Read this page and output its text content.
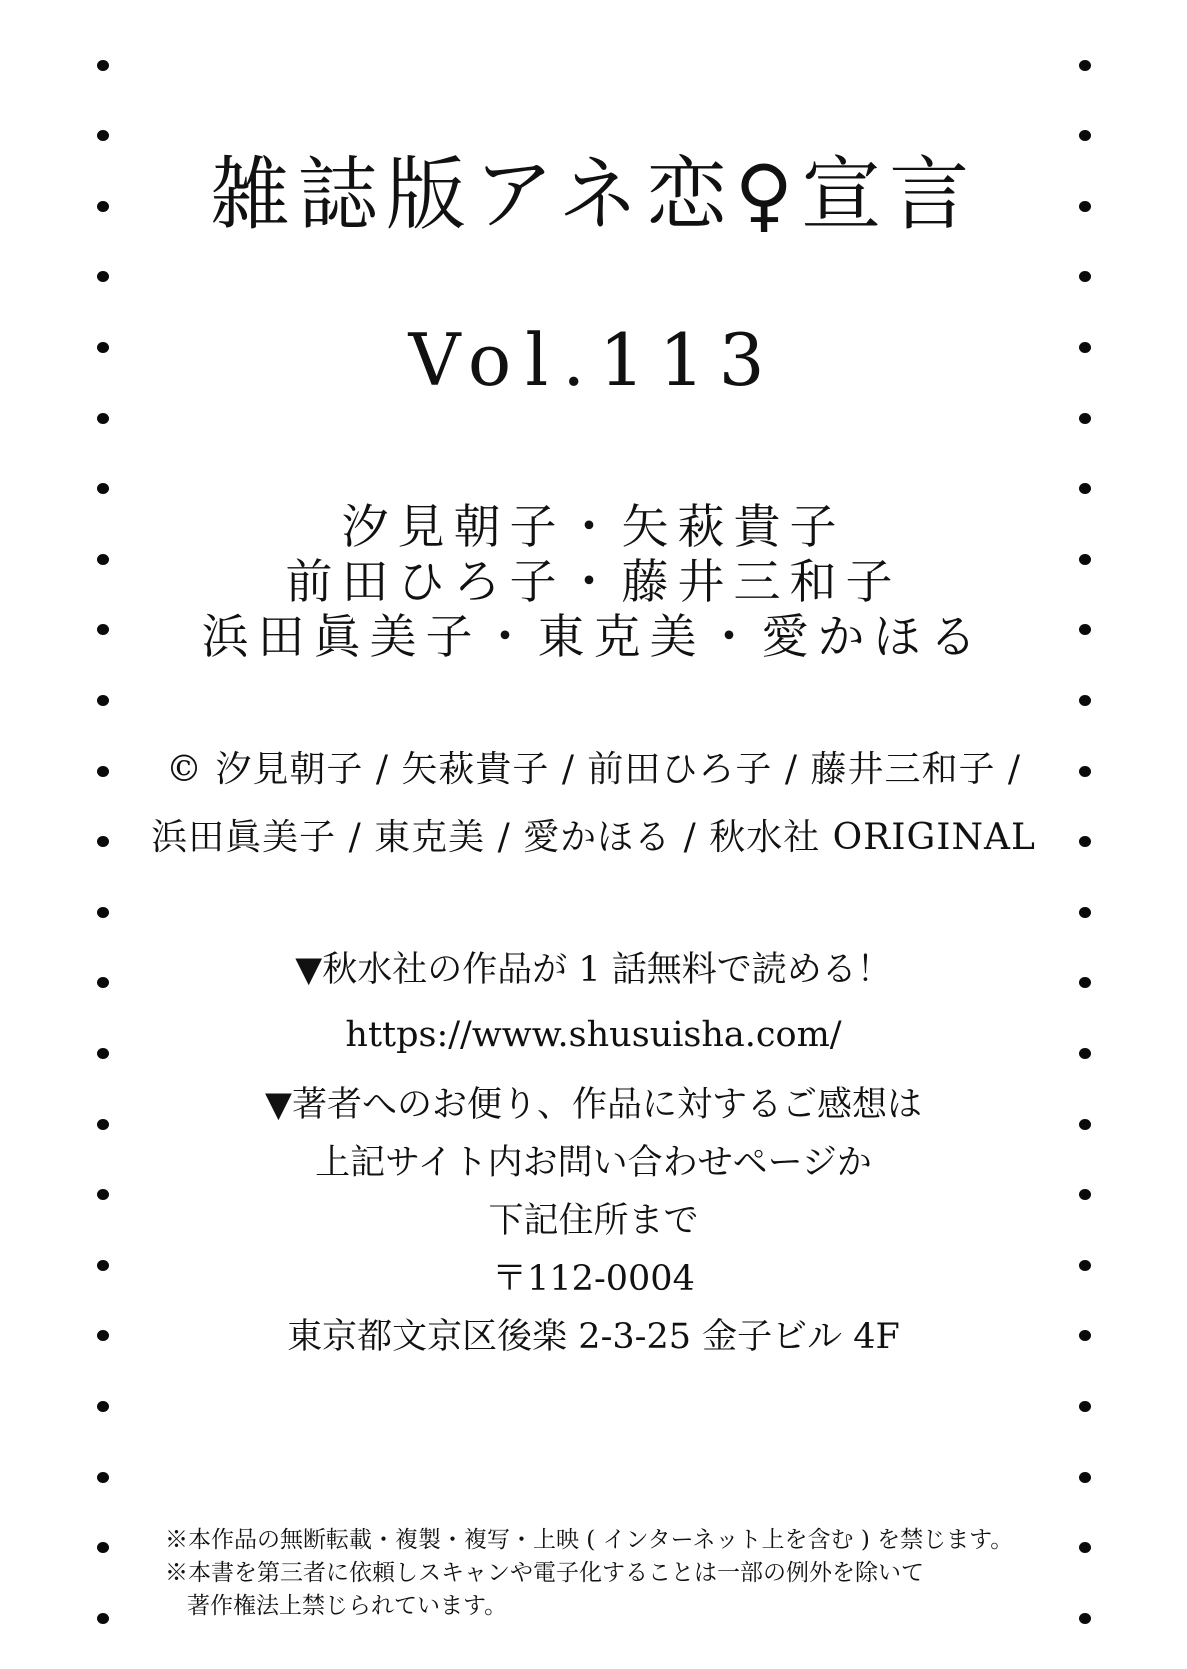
雑誌版アネ恋♀宣言
Vol.113
汐見朝子・矢萩貴子
前田ひろ子・藤井三和子
浜田眞美子・東克美・愛かほる
© 汐見朝子 / 矢萩貴子 / 前田ひろ子 / 藤井三和子 /
浜田眞美子 / 東克美 / 愛かほる / 秋水社 ORIGINAL
▼秋水社の作品が 1 話無料で読める！
https://www.shusuisha.com/
▼著者へのお便り、作品に対するご感想は
上記サイト内お問い合わせページか
下記住所まで
〒112-0004
東京都文京区後楽 2-3-25 金子ビル 4F
※本作品の無断転載・複製・複写・上映 ( インターネット上を含む ) を禁じます。
※本書を第三者に依頼しスキャンや電子化することは一部の例外を除いて
著作権法上禁じられています。
